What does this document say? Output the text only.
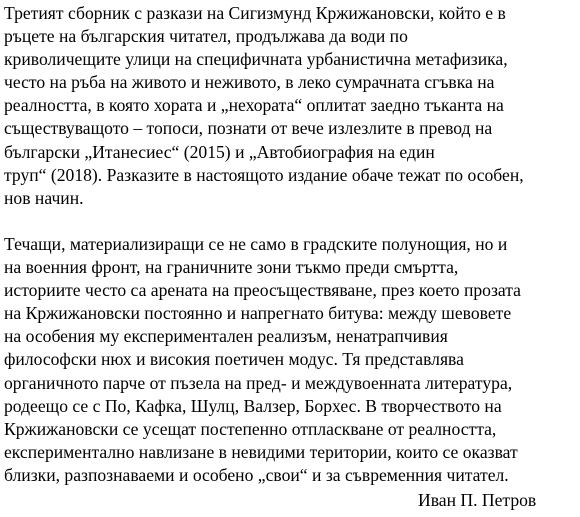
Третият сборник с разкази на Сигизмунд Кржижановски, който е в
ръцете на българския читател, продължава да води по
криволичещите улици на специфичната урбанистична метафизика,
често на ръба на живото и неживото, в леко сумрачната сгъвка на
реалността, в която хората и „нехората“ оплитат заедно тъканта на
съществуващото – топоси, познати от вече излезлите в превод на
български „Итанесиес“ (2015) и „Автобиография на един
труп“ (2018). Разказите в настоящото издание обаче тежат по особен,
нов начин.
Течащи, материализиращи се не само в градските полунощия, но и
на военния фронт, на граничните зони тъкмо преди смъртта,
историите често са арената на преосъществяване, през което прозата
на Кржижановски постоянно и напрегнато битува: между шевовете
на особения му експериментален реализъм, ненатрапчивия
философски нюх и високия поетичен модус. Тя представлява
органичното парче от пъзела на пред- и междувоенната литература,
родеещо се с По, Кафка, Шулц, Валзер, Борхес. В творчеството на
Кржижановски се усещат постепенно отпласкване от реалността,
експериментално навлизане в невидими територии, които се оказват
близки, разпознаваеми и особено „свои“ и за съвременния читател.
Иван П. Петров
